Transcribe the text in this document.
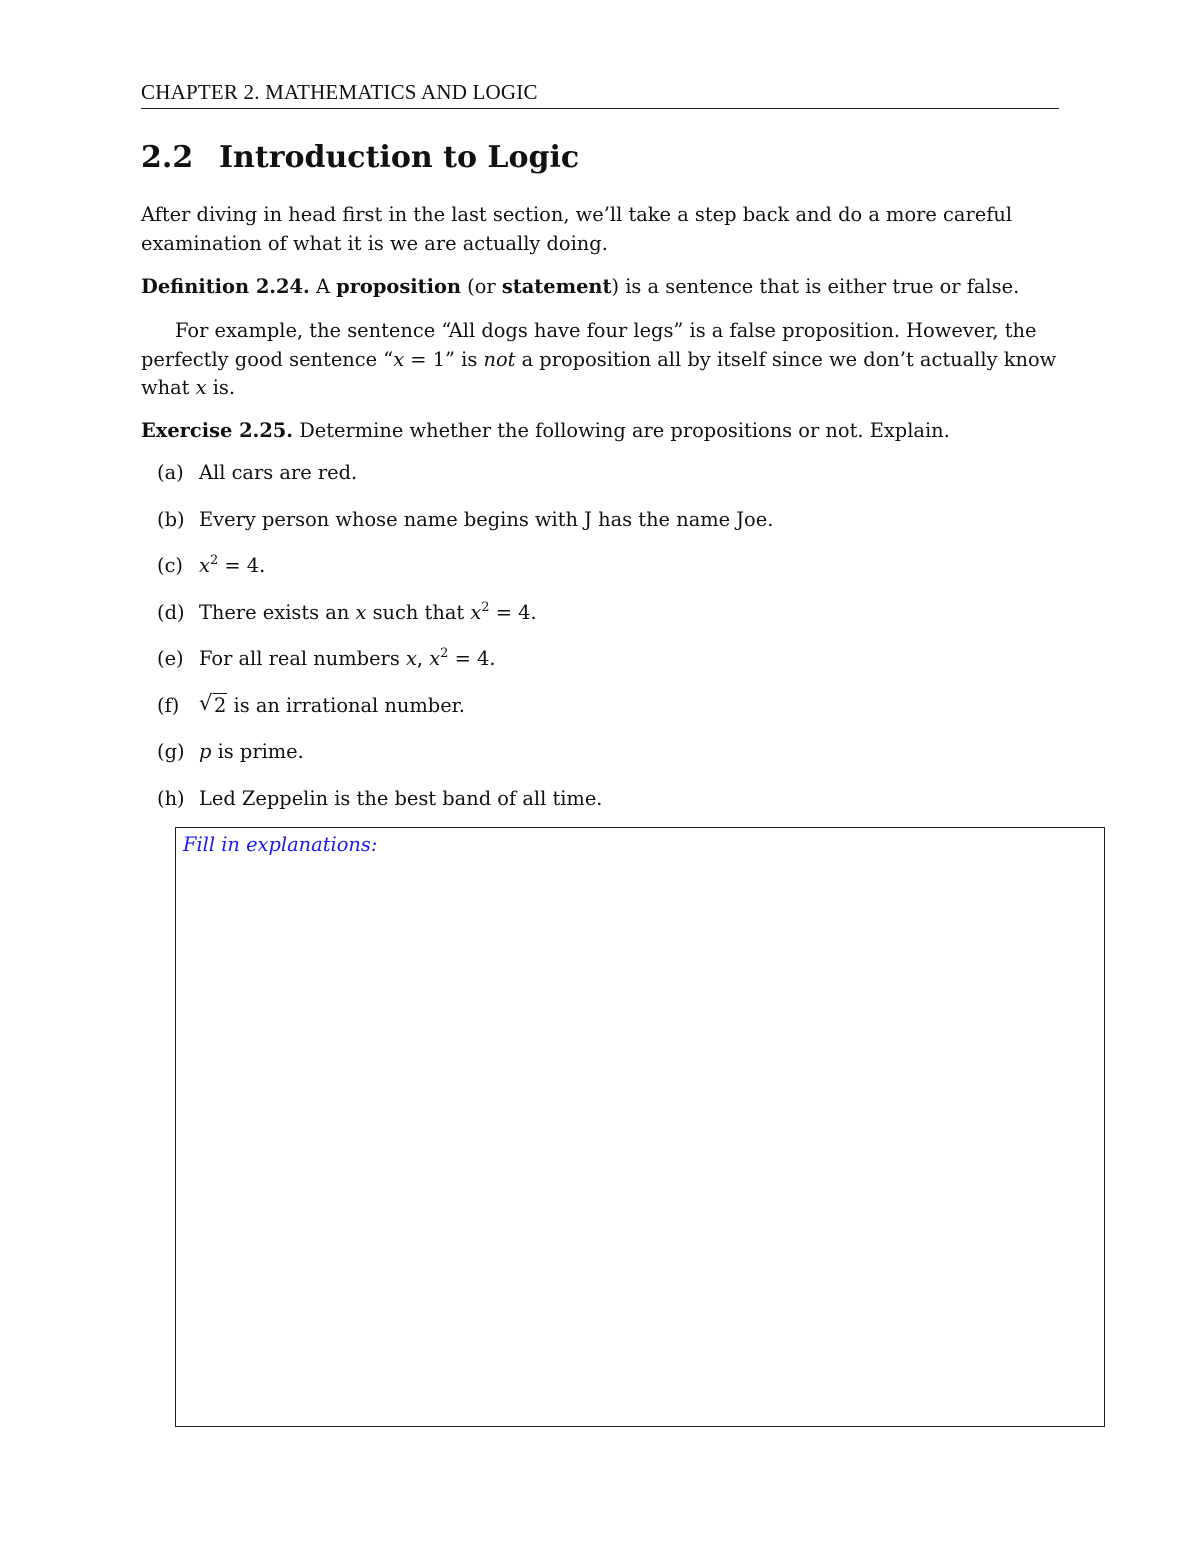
CHAPTER 2. MATHEMATICS AND LOGIC
2.2 Introduction to Logic
After diving in head first in the last section, we’ll take a step back and do a more careful examination of what it is we are actually doing.
Definition 2.24. A proposition (or statement) is a sentence that is either true or false.
For example, the sentence “All dogs have four legs” is a false proposition. However, the perfectly good sentence “x = 1” is not a proposition all by itself since we don’t actually know what x is.
Exercise 2.25. Determine whether the following are propositions or not. Explain.
(a) All cars are red.
(b) Every person whose name begins with J has the name Joe.
(c) $x^2 = 4$.
(d) There exists an x such that $x^2 = 4$.
(e) For all real numbers x, $x^2 = 4$.
(f) √ 2 is an irrational number.
(g) p is prime.
(h) Led Zeppelin is the best band of all time.
Fill in explanations:
